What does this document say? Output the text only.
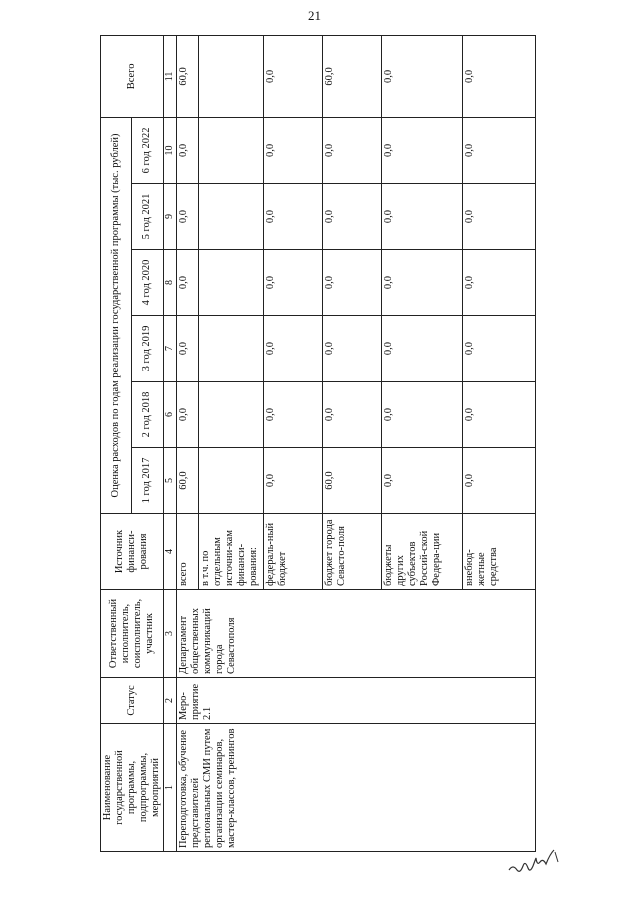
21
Наименование государственной программы, подпрограммы, мероприятий	Статус	Ответственный исполнитель, соисполнитель, участник	Источник финанси-рования	Оценка расходов по годам реализации государственной программы (тыс. рублей)						Всего
				1 год 2017	2 год 2018	3 год 2019	4 год 2020	5 год 2021	6 год 2022	
1	2	3	4	5	6	7	8	9	10	11
Переподготовка, обучение представителей региональных СМИ путем организации семинаров, мастер-классов, тренингов	Меро-приятие 2.1	Департамент общественных коммуникаций города Севастополя	всего	60,0	0,0	0,0	0,0	0,0	0,0	60,0
			в т.ч. по отдельным источни-кам финанси-рования:							
			федераль-ный бюджет	0,0	0,0	0,0	0,0	0,0	0,0	0,0
			бюджет города Севасто-поля	60,0	0,0	0,0	0,0	0,0	0,0	60,0
			бюджеты других субъектов Россий-ской Федера-ции	0,0	0,0	0,0	0,0	0,0	0,0	0,0
			внебюд-жетные средства	0,0	0,0	0,0	0,0	0,0	0,0	0,0
